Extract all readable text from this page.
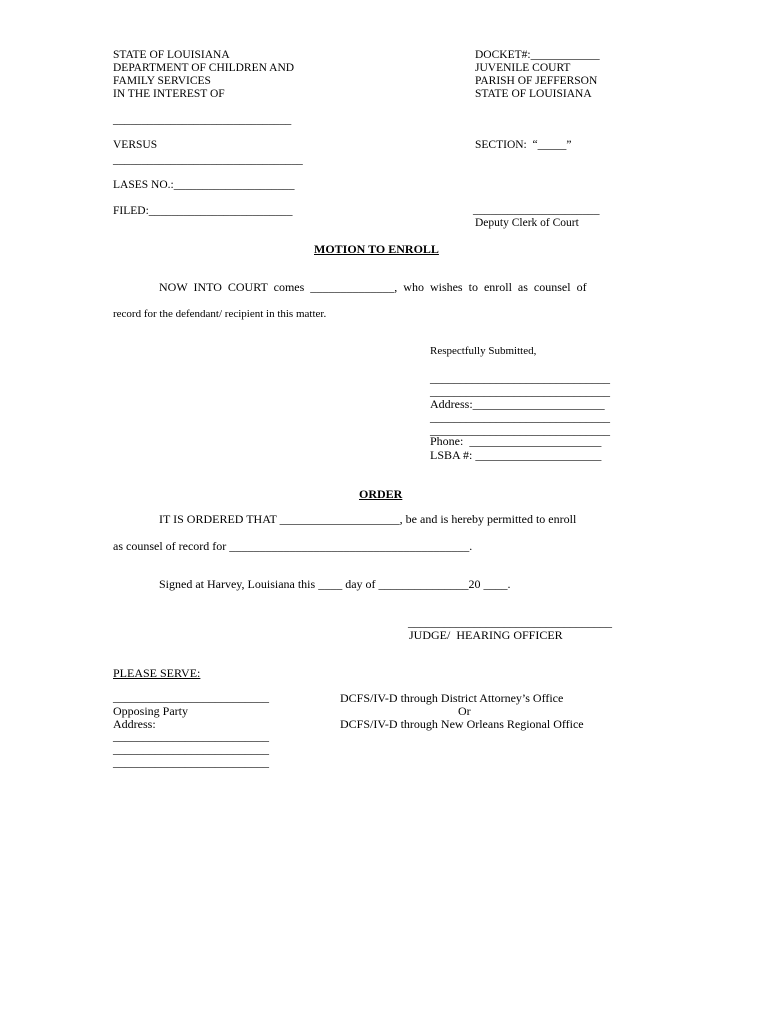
STATE OF LOUISIANA
DEPARTMENT OF CHILDREN AND
FAMILY SERVICES
IN THE INTEREST OF
_______________________________
VERSUS
_________________________________
LASES NO.:_____________________
FILED:_________________________
DOCKET#:____________
JUVENILE COURT
PARISH OF JEFFERSON
STATE OF LOUISIANA
SECTION:  “_____”
______________________
Deputy Clerk of Court
MOTION TO ENROLL
NOW INTO COURT comes ______________, who wishes to enroll as counsel of
record for the defendant/ recipient in this matter.
Respectfully Submitted,
______________________________
______________________________
Address:______________________
______________________________
______________________________
Phone:  ______________________
LSBA #: _____________________
ORDER
IT IS ORDERED THAT ____________________, be and is hereby permitted to enroll
as counsel of record for ________________________________________.
Signed at Harvey, Louisiana this ____ day of _______________20 ____.
__________________________________
JUDGE/  HEARING OFFICER
PLEASE SERVE:
__________________________
Opposing Party
Address:
__________________________
__________________________
__________________________
DCFS/IV-D through District Attorney’s Office
Or
DCFS/IV-D through New Orleans Regional Office
